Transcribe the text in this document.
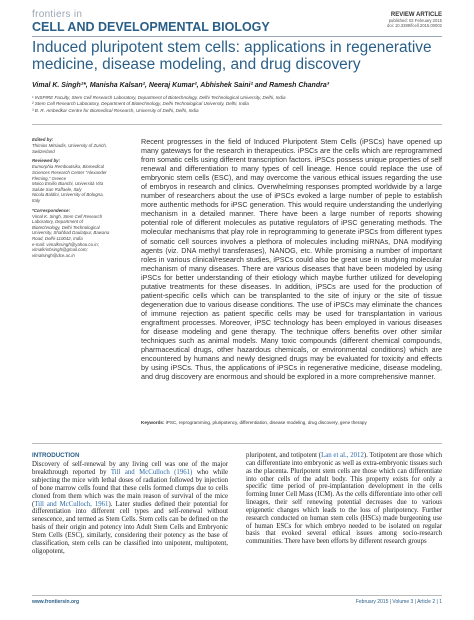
frontiers in
CELL AND DEVELOPMENTAL BIOLOGY
REVIEW ARTICLE
published: 02 February 2015
doi: 10.3389/fcell.2015.00002
Induced pluripotent stem cells: applications in regenerative medicine, disease modeling, and drug discovery
Vimal K. Singh¹*, Manisha Kalsan², Neeraj Kumar², Abhishek Saini² and Ramesh Chandra³
¹ INSPIRE Faculty, Stem Cell Research Laboratory, Department of Biotechnology, Delhi Technological University, Delhi, India
² Stem Cell Research Laboratory, Department of Biotechnology, Delhi Technological University, Delhi, India
³ B. R. Ambedkar Centre for Biomedical Research, University of Delhi, Delhi, India
Edited by:
Thimios Mitsiadis, University of Zurich, Switzerland
Reviewed by:
Eumorphia Remboutsika, Biomedical Sciences Research Center "Alexander Fleming," Greece
Maico Emilio Bianchi, Università Vita Salute San Raffaele, Italy
Nicola Baldini, University of Bologna, Italy
*Correspondence:
Vimal K. Singh, Stem Cell Research Laboratory, Department of Biotechnology, Delhi Technological University, Shahbad Daulatpur, Bawana Road, Delhi-110042, India
e-mail: vimalkrsingh@yahoo.co.in;
vimalkrishsingh@gmail.com;
vimalsingh@dce.ac.in
Recent progresses in the field of Induced Pluripotent Stem Cells (iPSCs) have opened up many gateways for the research in therapeutics. iPSCs are the cells which are reprogrammed from somatic cells using different transcription factors. iPSCs possess unique properties of self renewal and differentiation to many types of cell lineage. Hence could replace the use of embryonic stem cells (ESC), and may overcome the various ethical issues regarding the use of embryos in research and clinics. Overwhelming responses prompted worldwide by a large number of researchers about the use of iPSCs evoked a large number of peple to establish more authentic methods for iPSC generation. This would require understanding the underlying mechanism in a detailed manner. There have been a large number of reports showing potential role of different molecules as putative regulators of iPSC generating methods. The molecular mechanisms that play role in reprogramming to generate iPSCs from different types of somatic cell sources involves a plethora of molecules including miRNAs, DNA modifying agents (viz. DNA methyl transferases), NANOG, etc. While promising a number of important roles in various clinical/research studies, iPSCs could also be great use in studying molecular mechanism of many diseases. There are various diseases that have been modeled by using iPSCs for better understanding of their etiology which maybe further utilized for developing putative treatments for these diseases. In addition, iPSCs are used for the production of patient-specific cells which can be transplanted to the site of injury or the site of tissue degeneration due to various disease conditions. The use of iPSCs may eliminate the chances of immune rejection as patient specific cells may be used for transplantation in various engraftment processes. Moreover, iPSC technology has been employed in various diseases for disease modeling and gene therapy. The technique offers benefits over other similar techniques such as animal models. Many toxic compounds (different chemical compounds, pharmaceutical drugs, other hazardous chemicals, or environmental conditions) which are encountered by humans and newly designed drugs may be evaluated for toxicity and effects by using iPSCs. Thus, the applications of iPSCs in regenerative medicine, disease modeling, and drug discovery are enormous and should be explored in a more comprehensive manner.
Keywords: iPSC, reprogramming, pluripotency, differentiation, disease modeling, drug discovery, gene therapy
INTRODUCTION
Discovery of self-renewal by any living cell was one of the major breakthrough reported by Till and McCulloch (1961) who while subjecting the mice with lethal doses of radiation followed by injection of bone marrow cells found that these cells formed clumps due to cells cloned from them which was the main reason of survival of the mice (Till and McCulloch, 1961). Later studies defined their potential for differentiation into different cell types and self-renewal without senescence, and termed as Stem Cells. Stem cells can be defined on the basis of their origin and potency into Adult Stem Cells and Embryonic Stem Cells (ESC), similarly, considering their potency as the base of classification, stem cells can be classified into unipotent, multipotent, oligopotent,
pluripotent, and totipotent (Lan et al., 2012). Totipotent are those which can differentiate into embryonic as well as extra-embryonic tissues such as the placenta. Pluripotent stem cells are those which can differentiate into other cells of the adult body. This property exists for only a specific time period of pre-implantation development in the cells forming Inner Cell Mass (ICM). As the cells differentiate into other cell lineages, their self renewing potential decreases due to various epigenetic changes which leads to the loss of pluripotency. Further research conducted on human stem cells (HSCs) made burgeoning use of human ESCs for which embryo needed to be isolated on regular basis that evoked several ethical issues among socio-research communities. There have been efforts by different research groups
www.frontiersin.org	February 2015 | Volume 3 | Article 2 | 1
